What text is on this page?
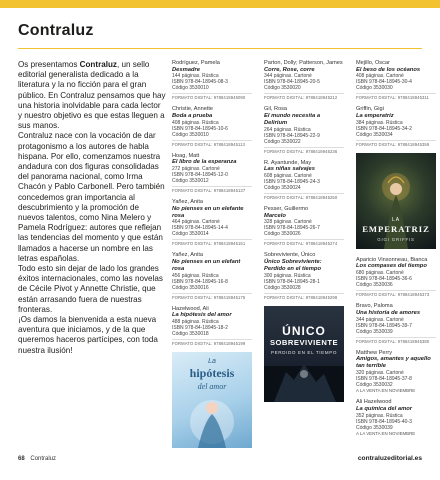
Contraluz

Os presentamos Contraluz, un sello editorial generalista dedicado a la literatura y la no ficción para el gran público. En Contraluz pensamos que hay una historia inolvidable para cada lector y nuestro objetivo es que estas lleguen a sus manos.

Contraluz nace con la vocación de dar protagonismo a los autores de habla hispana. Por ello, comenzamos nuestra andadura con dos figuras consolidadas del panorama nacional, como Irma Chacón y Pablo Carbonell. Pero también concedemos gran importancia al descubrimiento y la promoción de nuevos talentos, como Nina Melero y Pamela Rodríguez: autores que reflejan las tendencias del momento y que están llamados a hacerse un nombre en las letras españolas.

Todo esto sin dejar de lado los grandes éxitos internacionales, como las novelas de Cécile Pivot y Annette Christie, que están arrasando fuera de nuestras fronteras.

¡Os damos la bienvenida a esta nueva aventura que iniciamos, y de la que queremos haceros partícipes, con toda nuestra ilusión!

Rodríguez, Pamela
Desmadre
144 páginas. Rústica
ISBN 978-84-18945-08-3
Código 3530010
FORMATO DIGITAL: 9788418945090
Christie, Annette
Boda a prueba
408 páginas. Rústica
ISBN 978-84-18945-10-6
Código 3530010
FORMATO DIGITAL: 9788418945113
Hoag, Matt
El libro de la esperanza
272 páginas. Cartoné
ISBN 978-84-18945-12-0
Código 3530012
FORMATO DIGITAL: 9788418945137
Yañez, Anita
No pienses en un elefante rosa
464 páginas. Cartoné
ISBN 978-84-18945-14-4
Código 3530014
FORMATO DIGITAL: 9788418945151
Yañez, Anita
No pienses en un elefant rosa
456 páginas. Rústica
ISBN 978-84-18945-16-8
Código 3530016
FORMATO DIGITAL: 9788418945175
Hazelwood, Ali
La hipótesis del amor
488 páginas. Rústica
ISBN 978-84-18945-18-2
Código 3530018
FORMATO DIGITAL: 9788418945199
La
hipótesis
del amor
Parton, Dolly; Patterson, James
Corre, Rose, corre
344 páginas. Cartoné
ISBN 978-84-18945-20-5
Código 3530020
FORMATO DIGITAL: 9788418945212
Gil, Rosa
El mundo necesita a Delirium
264 páginas. Rústica
ISBN 978-84-18945-22-9
Código 3530022
FORMATO DIGITAL: 9788418945236
R. Ayantunde, May
Las niñas salvajes
608 páginas. Cartoné
ISBN 978-84-18945-24-3
Código 3530024
FORMATO DIGITAL: 9788418945250
Pesser, Guillermo
Marcelo
328 páginas. Cartoné
ISBN 978-84-18945-26-7
Código 3530026
FORMATO DIGITAL: 9788418945274
Sobreviviente, Único
Único Sobreviviente: Perdido en el tiempo
300 páginas. Rústica
ISBN 978-84-18945-28-1
Código 3530028
FORMATO DIGITAL: 9788418945298
ÚNICO
SOBREVIVIENTE
PERDIDO EN EL TIEMPO
Mejillo, Oscar
El beso de los océanos
408 páginas. Cartoné
ISBN 978-84-18945-30-4
Código 3530030
FORMATO DIGITAL: 9788418945311
Griffin, Gigi
La emperatriz
384 páginas. Rústica
ISBN 978-84-18945-34-2
Código 3530034
FORMATO DIGITAL: 9788418945359
LA
EMPERATRIZ
GIGI GRIFFIS
Aparicio Vinsonneau, Bianca
Los compases del tiempo
680 páginas. Cartoné
ISBN 978-84-18945-36-6
Código 3530036
FORMATO DIGITAL: 9788418945373
Bravo, Paloma
Una historia de amores
344 páginas. Cartoné
ISBN 978-84-18945-39-7
Código 3530039
FORMATO DIGITAL: 9788418945380
Matthew Perry
Amigos, amantes y aquello tan terrible
320 páginas. Cartoné
ISBN 978-84-18945-37-8
Código 3530032
A LA VENTA EN NOVIEMBRE
Ali Hazelwood
La química del amor
352 páginas. Rústica
ISBN 978-84-18945-40-3
Código 3530039
A LA VENTA EN NOVIEMBRE
68 Contraluz	contraluzeditorial.es
